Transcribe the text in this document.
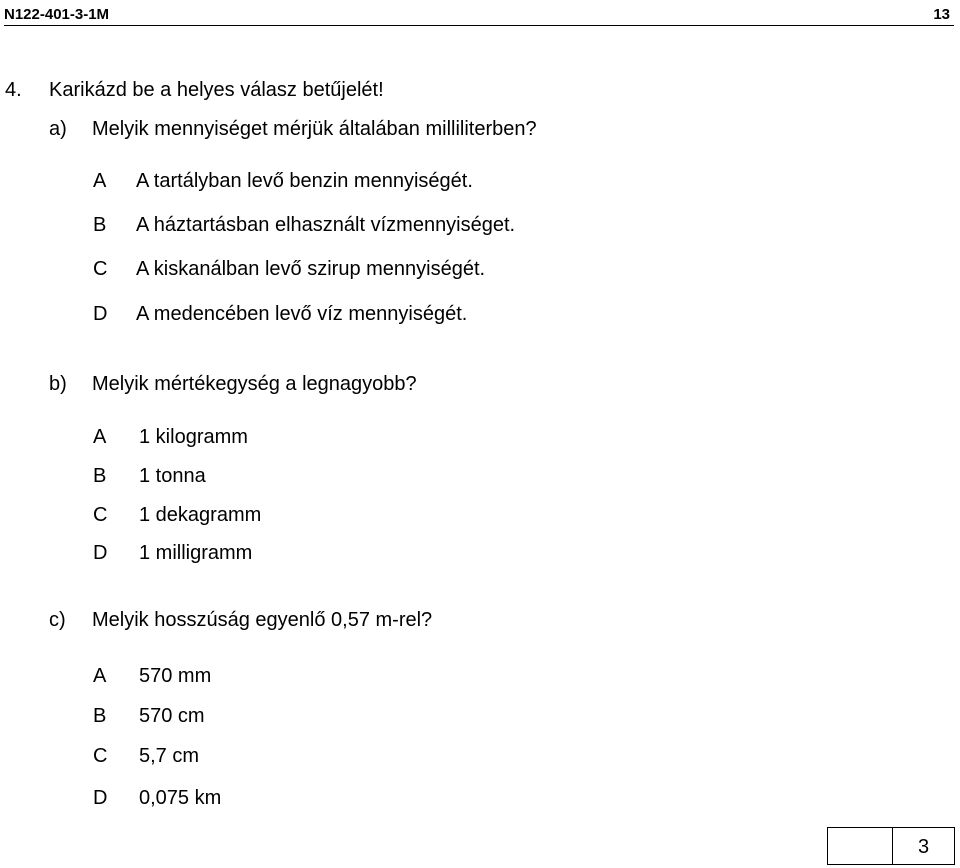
N122-401-3-1M	13
4. Karikázd be a helyes válasz betűjelét!
a) Melyik mennyiséget mérjük általában milliliterben?
A A tartályban levő benzin mennyiségét.
B A háztartásban elhasznált vízmennyiséget.
C A kiskanálban levő szirup mennyiségét.
D A medencében levő víz mennyiségét.
b) Melyik mértékegység a legnagyobb?
A 1 kilogramm
B 1 tonna
C 1 dekagramm
D 1 milligramm
c) Melyik hosszúság egyenlő 0,57 m-rel?
A 570 mm
B 570 cm
C 5,7 cm
D 0,075 km
3
